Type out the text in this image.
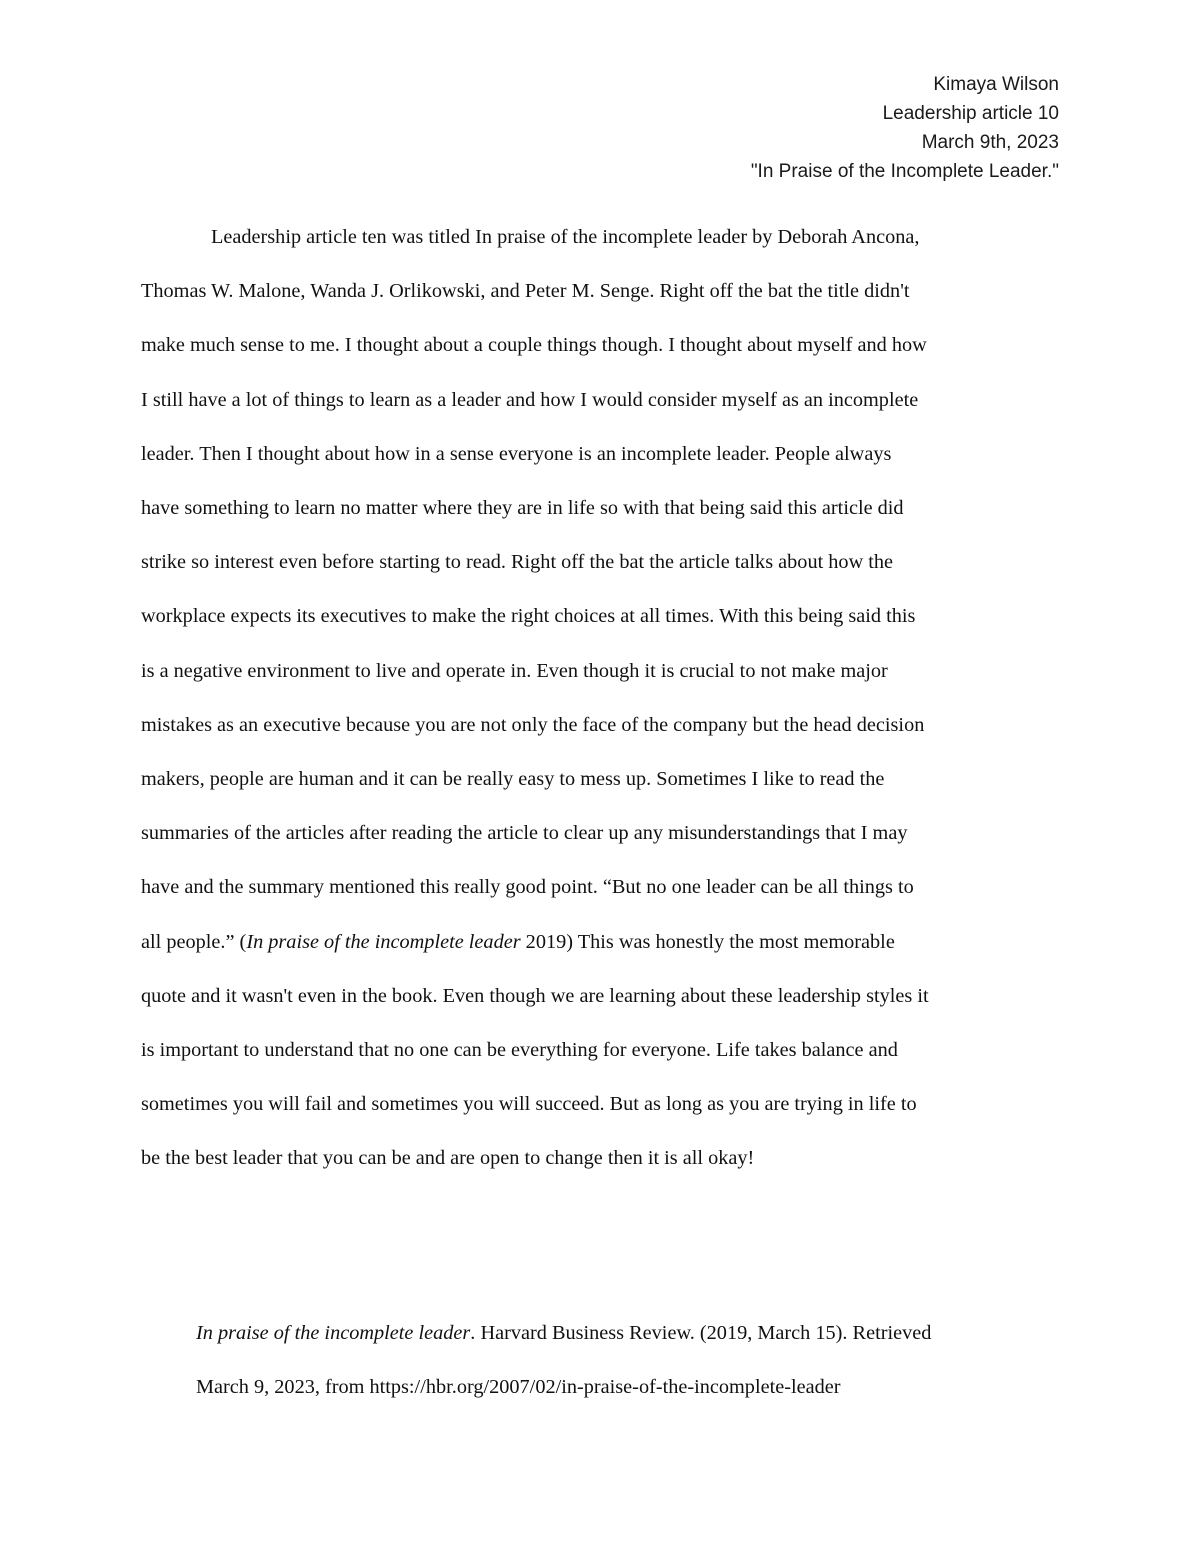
Kimaya Wilson
Leadership article 10
March 9th, 2023
"In Praise of the Incomplete Leader."
Leadership article ten was titled In praise of the incomplete leader by Deborah Ancona,
Thomas W. Malone, Wanda J. Orlikowski, and Peter M. Senge. Right off the bat the title didn't
make much sense to me. I thought about a couple things though. I thought about myself and how
I still have a lot of things to learn as a leader and how I would consider myself as an incomplete
leader. Then I thought about how in a sense everyone is an incomplete leader. People always
have something to learn no matter where they are in life so with that being said this article did
strike so interest even before starting to read. Right off the bat the article talks about how the
workplace expects its executives to make the right choices at all times. With this being said this
is a negative environment to live and operate in. Even though it is crucial to not make major
mistakes as an executive because you are not only the face of the company but the head decision
makers, people are human and it can be really easy to mess up. Sometimes I like to read the
summaries of the articles after reading the article to clear up any misunderstandings that I may
have and the summary mentioned this really good point. “But no one leader can be all things to
all people.” (In praise of the incomplete leader 2019) This was honestly the most memorable
quote and it wasn't even in the book. Even though we are learning about these leadership styles it
is important to understand that no one can be everything for everyone. Life takes balance and
sometimes you will fail and sometimes you will succeed. But as long as you are trying in life to
be the best leader that you can be and are open to change then it is all okay!
In praise of the incomplete leader. Harvard Business Review. (2019, March 15). Retrieved
March 9, 2023, from https://hbr.org/2007/02/in-praise-of-the-incomplete-leader
